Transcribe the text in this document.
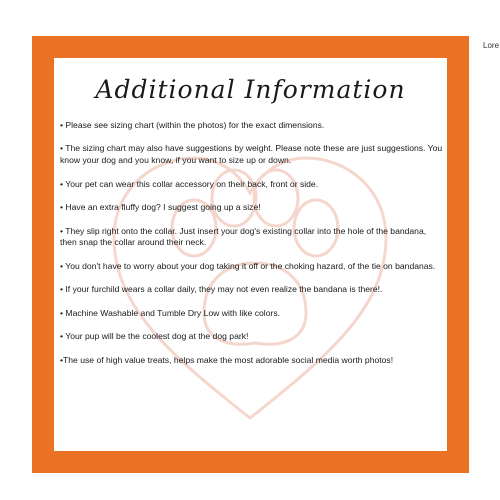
Lore
Additional Information
• Please see sizing chart (within the photos) for the exact dimensions.
• The sizing chart may also have suggestions by weight. Please note these are just suggestions. You know your dog and you know, if you want to size up or down.
• Your pet can wear this collar accessory on their back, front or side.
• Have an extra fluffy dog? I suggest going up a size!
• They slip right onto the collar. Just insert your dog's existing collar into the hole of the bandana, then snap the collar around their neck.
• You don't have to worry about your dog taking it off or the choking hazard, of the tie on bandanas.
• If your furchild wears a collar daily, they may not even realize the bandana is there!.
• Machine Washable and Tumble Dry Low with like colors.
• Your pup will be the coolest dog at the dog park!
•The use of high value treats, helps make the most adorable social media worth photos!
